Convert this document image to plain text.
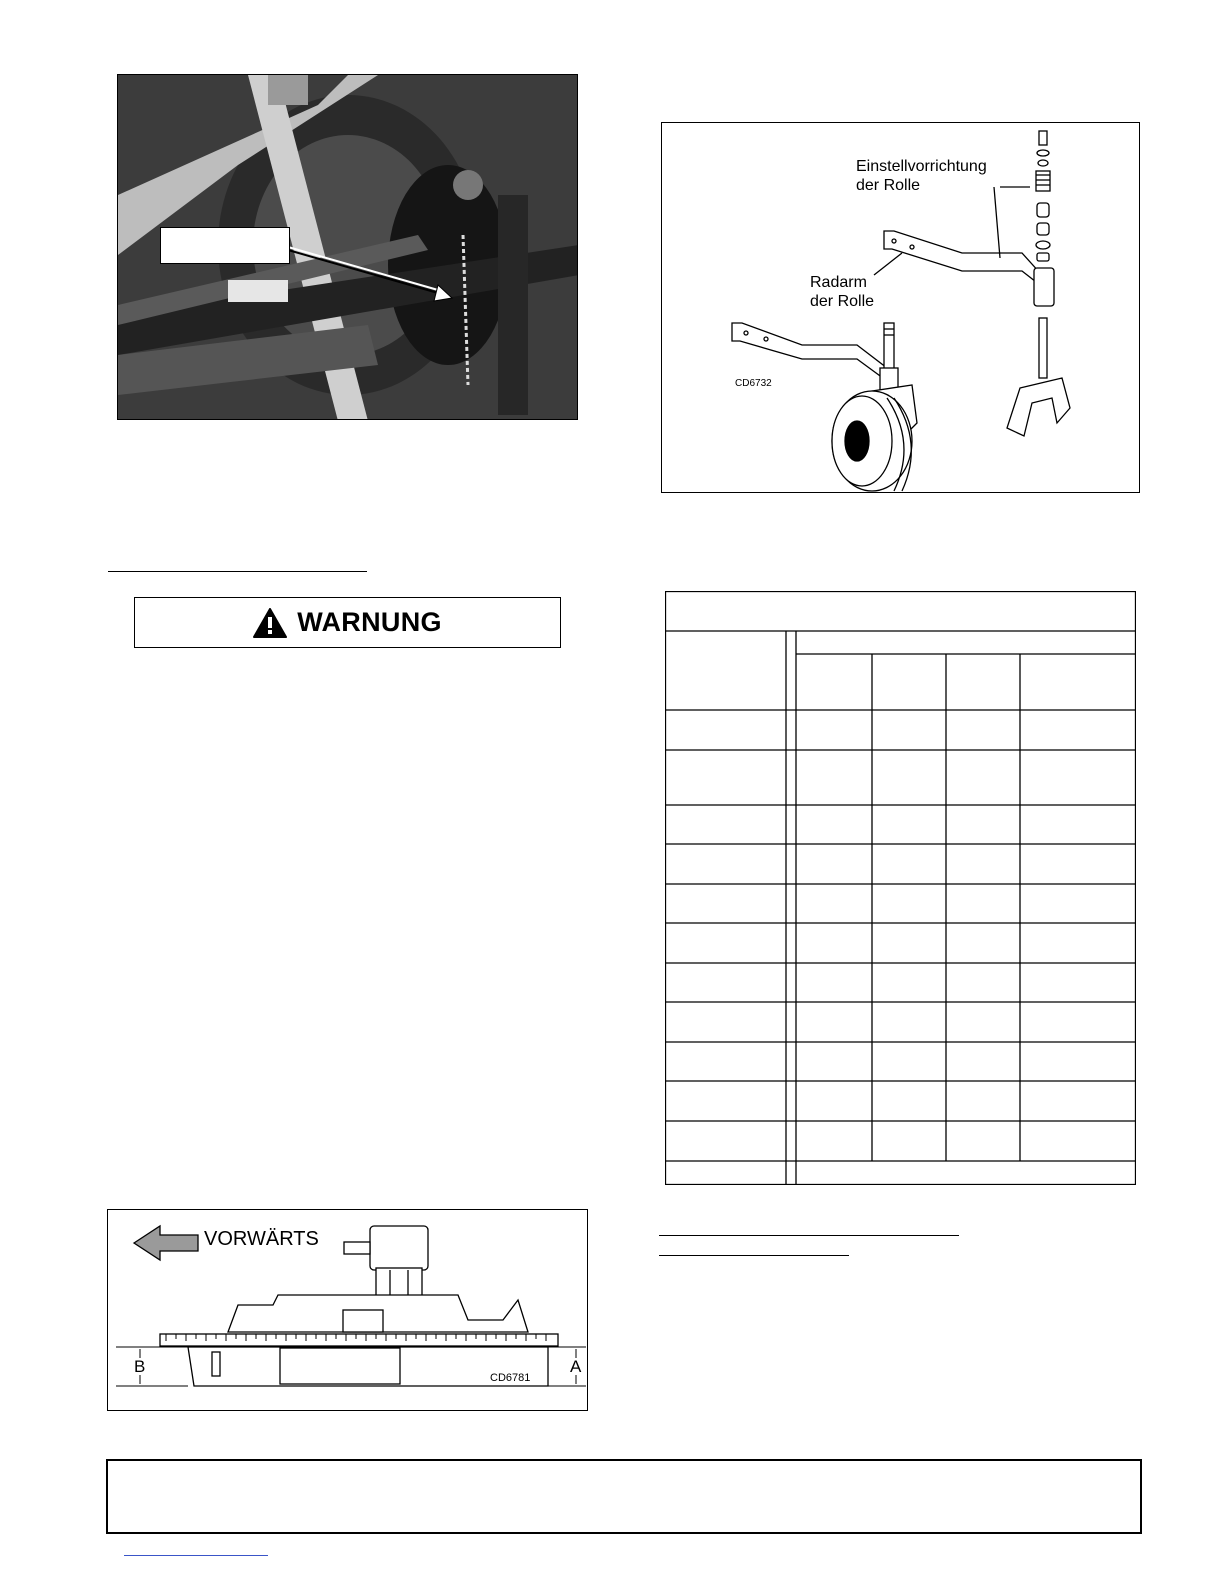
Einstellvorrichtung
der Rolle
Radarm
der Rolle
CD6732
WARNUNG
VORWÄRTS
B	A
CD6781
